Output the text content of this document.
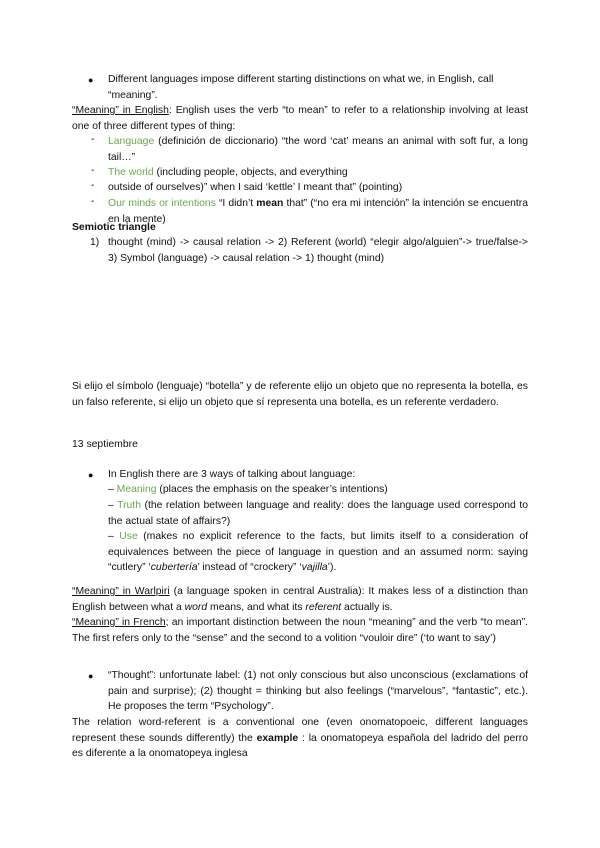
● Different languages impose different starting distinctions on what we, in English, call “meaning”.

“Meaning” in English: English uses the verb “to mean” to refer to a relationship involving at least one of three different types of thing:

-	Language (definición de diccionario) “the word ‘cat’ means an animal with soft fur, a long tail…”

-	The world (including people, objects, and everything

-	outside of ourselves)” when I said ‘kettle’ I meant that” (pointing)

-	Our minds or intentions “I didn’t mean that” (“no era mi intención” la intención se encuentra en la mente)

Semiotic triangle

1) thought (mind) -> causal relation -> 2) Referent (world) “elegir algo/alguien”-> true/false-> 3) Symbol (language) -> causal relation -> 1) thought (mind)

Si elijo el símbolo (lenguaje) “botella” y de referente elijo un objeto que no representa la botella, es un falso referente, si elijo un objeto que sí representa una botella, es un referente verdadero.

13 septiembre

● In English there are 3 ways of talking about language:

– Meaning (places the emphasis on the speaker’s intentions)

– Truth (the relation between language and reality: does the language used correspond to the actual state of affairs?)

– Use (makes no explicit reference to the facts, but limits itself to a consideration of equivalences between the piece of language in question and an assumed norm: saying “cutlery” ‘cubertería’ instead of “crockery” ‘vajilla’).

“Meaning” in Warlpiri (a language spoken in central Australia): It makes less of a distinction than English between what a word means, and what its referent actually is.

“Meaning” in French; an important distinction between the noun “meaning” and the verb “to mean”. The first refers only to the “sense” and the second to a volition “vouloir dire” (‘to want to say’)

● “Thought”: unfortunate label: (1) not only conscious but also unconscious (exclamations of pain and surprise); (2) thought = thinking but also feelings (“marvelous”, “fantastic”, etc.). He proposes the term “Psychology”.

The relation word-referent is a conventional one (even onomatopoeic, different languages represent these sounds differently) the example : la onomatopeya española del ladrido del perro es diferente a la onomatopeya inglesa
